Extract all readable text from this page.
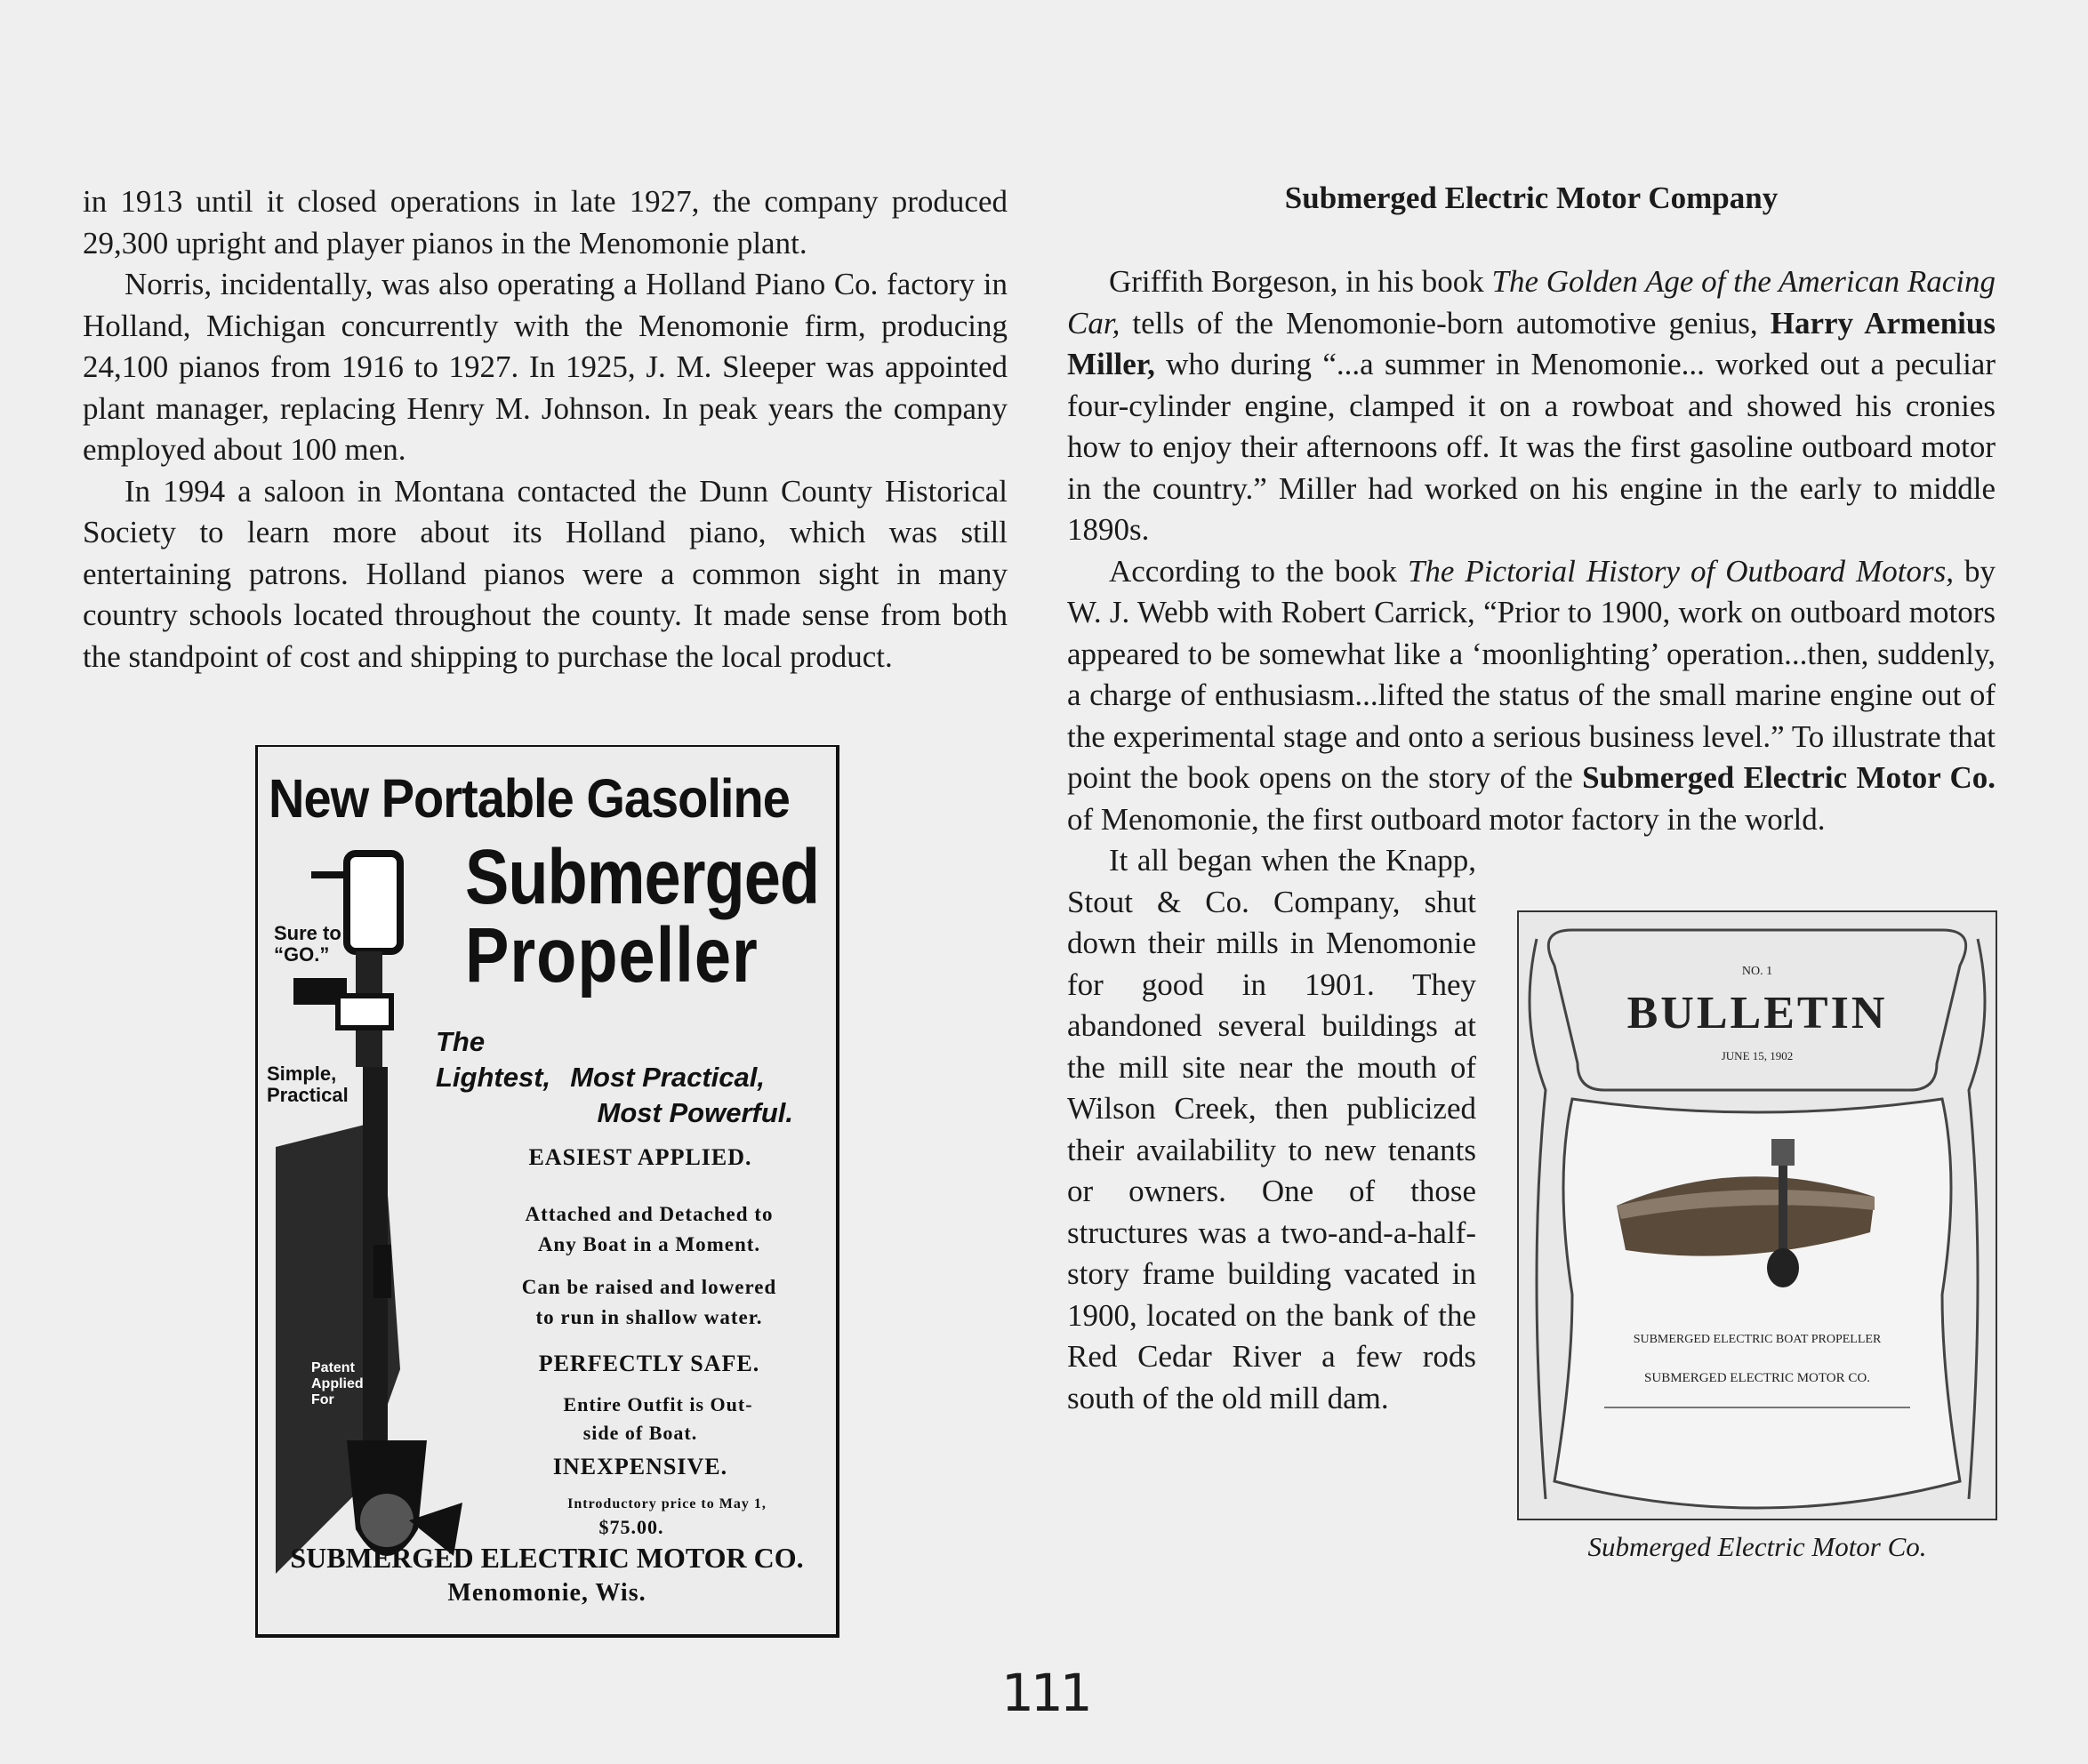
in 1913 until it closed operations in late 1927, the company produced 29,300 upright and player pianos in the Menomonie plant.

Norris, incidentally, was also operating a Holland Piano Co. factory in Holland, Michigan concurrently with the Menomonie firm, producing 24,100 pianos from 1916 to 1927. In 1925, J. M. Sleeper was appointed plant manager, replacing Henry M. Johnson. In peak years the company employed about 100 men.

In 1994 a saloon in Montana contacted the Dunn County Historical Society to learn more about its Holland piano, which was still entertaining patrons. Holland pianos were a common sight in many country schools located throughout the county. It made sense from both the standpoint of cost and shipping to purchase the local product.

New Portable Gasoline
Submerged
Propeller
Sure to “GO.”
Simple, Practical
Patent Applied For
The Lightest, Most Practical,
Most Powerful.
EASIEST APPLIED.
Attached and Detached to
Any Boat in a Moment.
Can be raised and lowered
to run in shallow water.
PERFECTLY SAFE.
Entire Outfit is Out-
side of Boat.
INEXPENSIVE.
Introductory price to May 1,
$75.00.
SUBMERGED ELECTRIC MOTOR CO.
Menomonie, Wis.
Submerged Electric Motor Company

Griffith Borgeson, in his book The Golden Age of the American Racing Car, tells of the Menomonie-born automotive genius, Harry Armenius Miller, who during “...a summer in Menomonie... worked out a peculiar four-cylinder engine, clamped it on a rowboat and showed his cronies how to enjoy their afternoons off. It was the first gasoline outboard motor in the country.” Miller had worked on his engine in the early to middle 1890s.

According to the book The Pictorial History of Outboard Motors, by W. J. Webb with Robert Carrick, “Prior to 1900, work on outboard motors appeared to be somewhat like a ‘moonlighting’ operation...then, suddenly, a charge of enthusiasm...lifted the status of the small marine engine out of the experimental stage and onto a serious business level.” To illustrate that point the book opens on the story of the Submerged Electric Motor Co. of Menomonie, the first outboard motor factory in the world.

It all began when the Knapp, Stout & Co. Company, shut down their mills in Menomonie for good in 1901. They abandoned several buildings at the mill site near the mouth of Wilson Creek, then publicized their availability to new tenants or owners. One of those structures was a two-and-a-half-story frame building vacated in 1900, located on the bank of the Red Cedar River a few rods south of the old mill dam.

NO. 1
BULLETIN
JUNE 15, 1902
SUBMERGED ELECTRIC BOAT PROPELLER
SUBMERGED ELECTRIC MOTOR CO.
Submerged Electric Motor Co.
111
